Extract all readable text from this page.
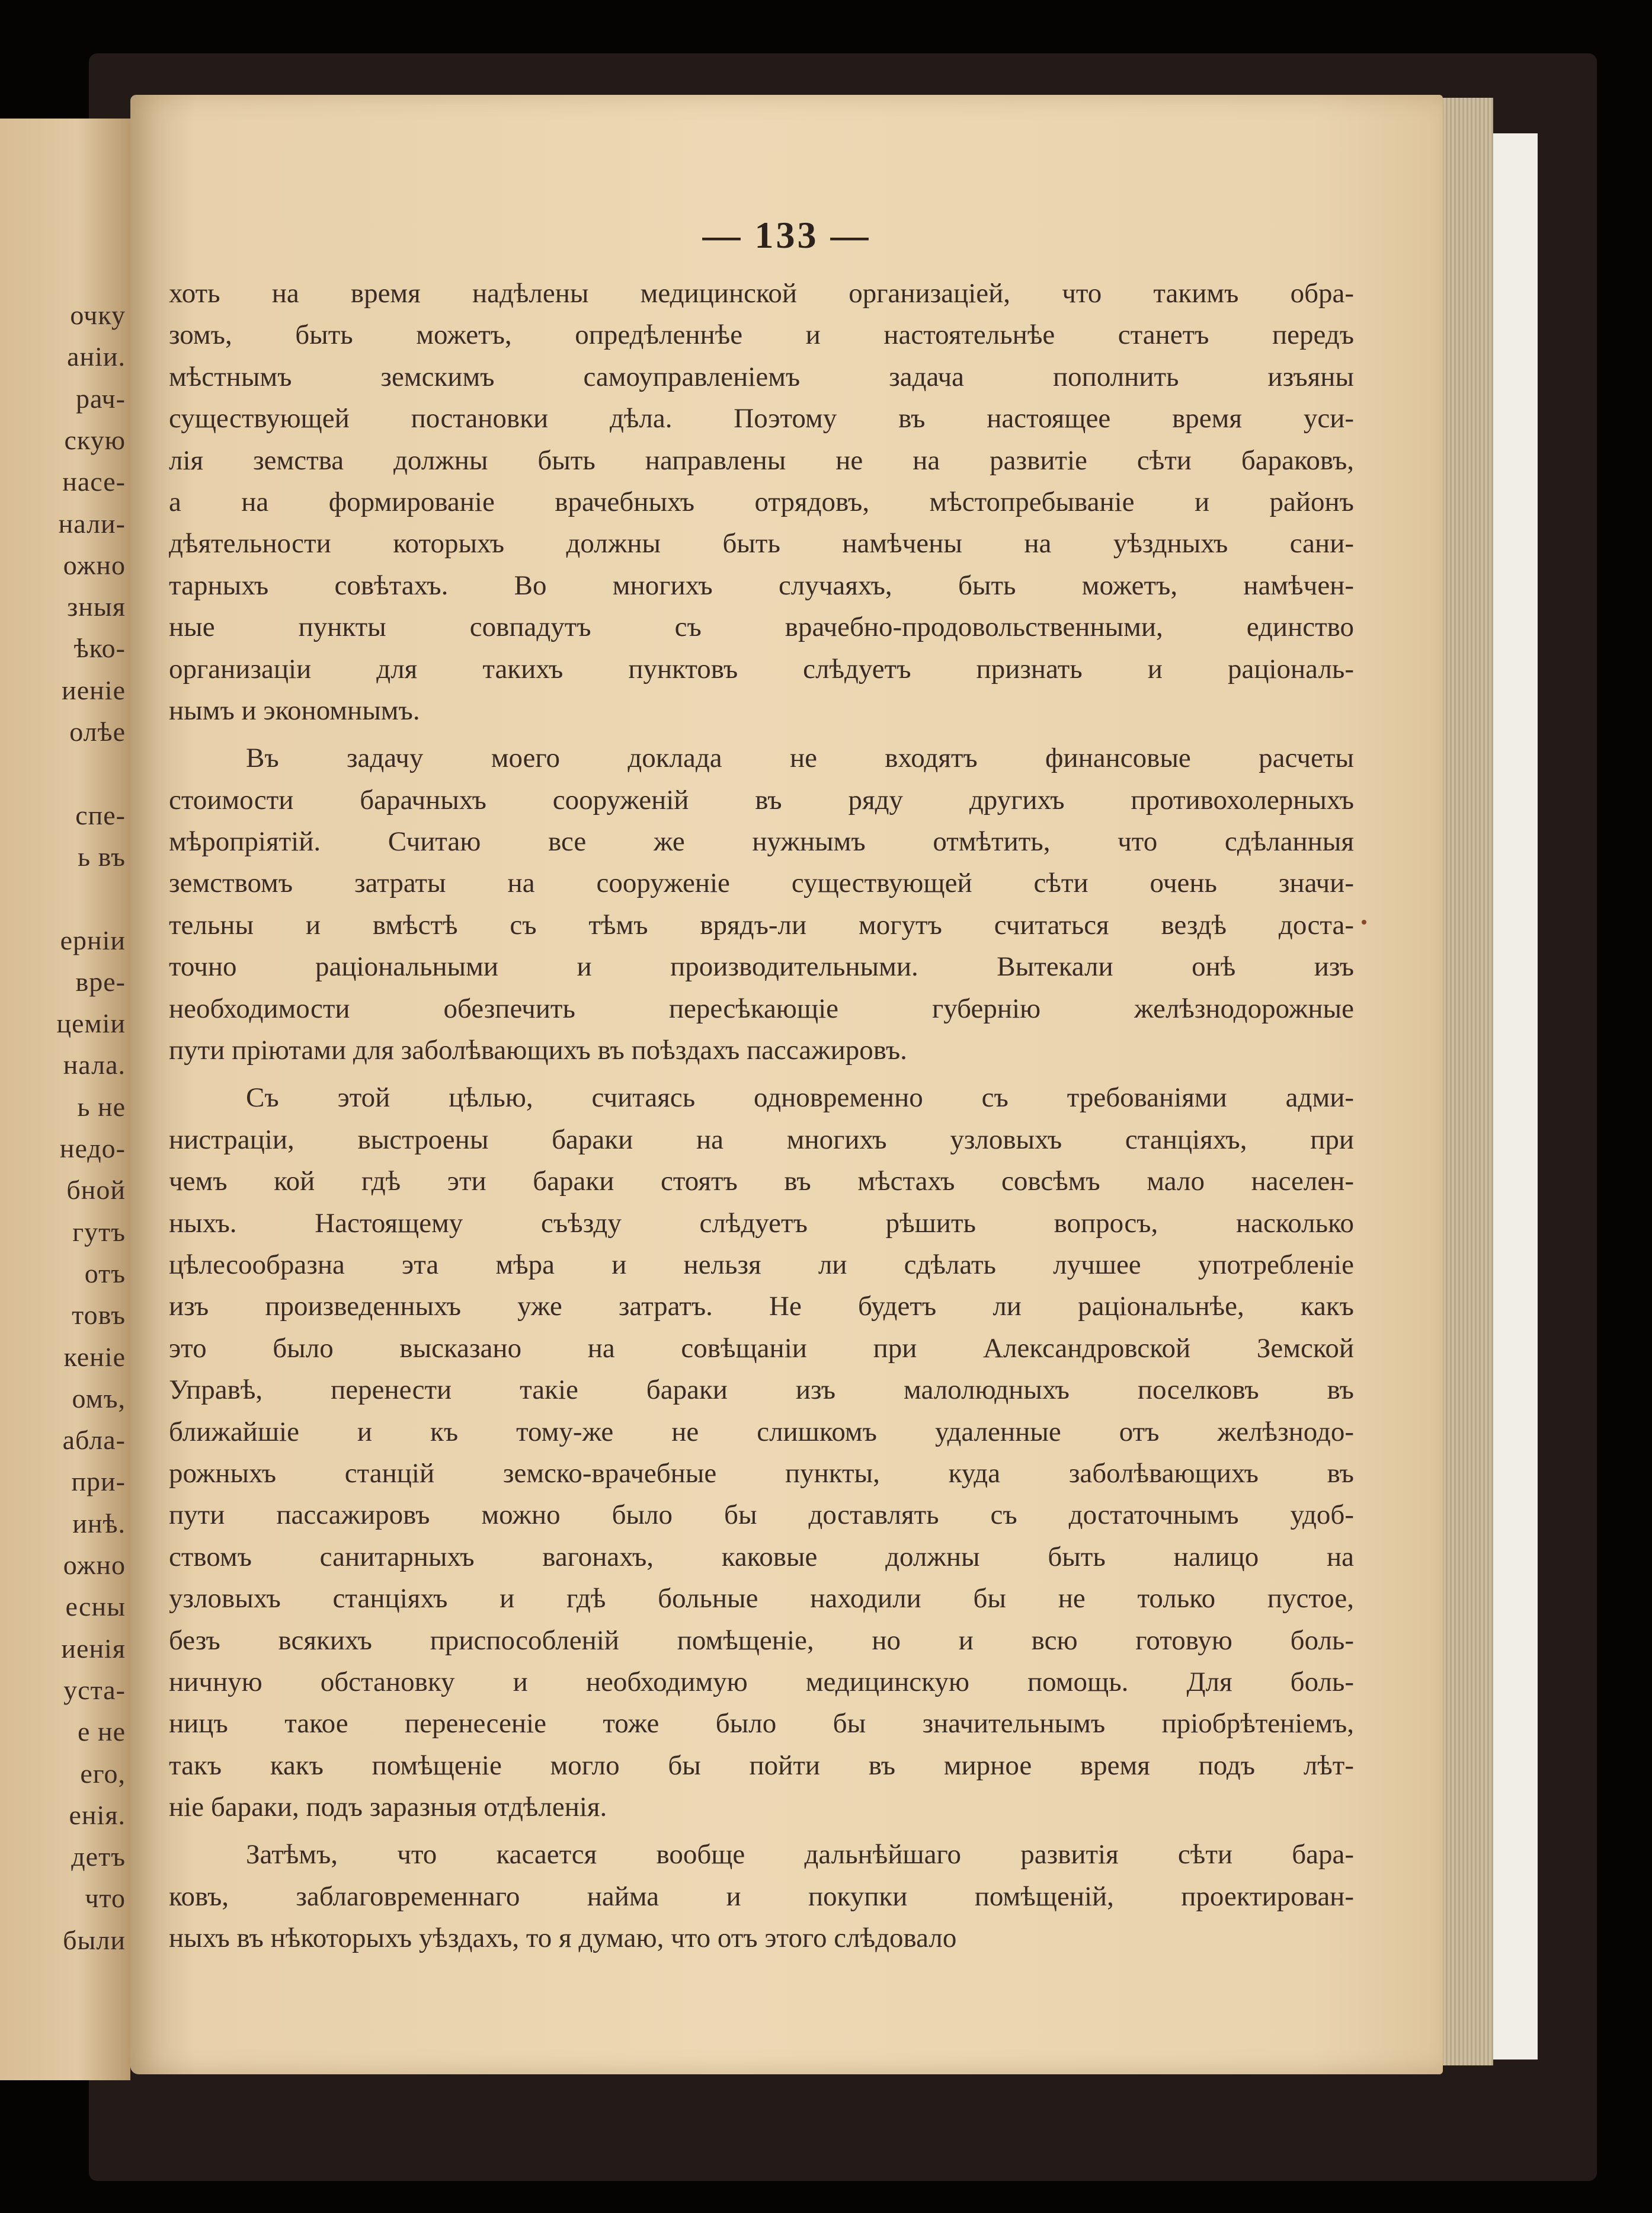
очку
аніи.
рач-
скую
насе-
нали-
ожно
зныя
ѣко-
иеніе
олѣе
спе-
ь въ
ерніи
вре-
цеміи
нала.
ь не
недо-
бной
гутъ
отъ
товъ
кеніе
омъ,
абла-
при-
инѣ.
ожно
есны
иенія
уста-
е не
его,
енія.
детъ
что
были
— 133 —
хоть на время надѣлены медицинской организаціей, что такимъ обра-
зомъ, быть можетъ, опредѣленнѣе и настоятельнѣе станетъ передъ
мѣстнымъ земскимъ самоуправленіемъ задача пополнить изъяны
существующей постановки дѣла. Поэтому въ настоящее время уси-
лія земства должны быть направлены не на развитіе сѣти бараковъ,
а на формированіе врачебныхъ отрядовъ, мѣстопребываніе и районъ
дѣятельности которыхъ должны быть намѣчены на уѣздныхъ сани-
тарныхъ совѣтахъ. Во многихъ случаяхъ, быть можетъ, намѣчен-
ные пункты совпадутъ съ врачебно-продовольственными, единство
организаціи для такихъ пунктовъ слѣдуетъ признать и раціональ-
нымъ и экономнымъ.
Въ задачу моего доклада не входятъ финансовые расчеты
стоимости барачныхъ сооруженій въ ряду другихъ противохолерныхъ
мѣропріятій. Считаю все же нужнымъ отмѣтить, что сдѣланныя
земствомъ затраты на сооруженіе существующей сѣти очень значи-
тельны и вмѣстѣ съ тѣмъ врядъ-ли могутъ считаться вездѣ доста-
точно раціональными и производительными. Вытекали онѣ изъ
необходимости обезпечить пересѣкающіе губернію желѣзнодорожные
пути пріютами для заболѣвающихъ въ поѣздахъ пассажировъ.
Съ этой цѣлью, считаясь одновременно съ требованіями адми-
нистраціи, выстроены бараки на многихъ узловыхъ станціяхъ, при
чемъ кой гдѣ эти бараки стоятъ въ мѣстахъ совсѣмъ мало населен-
ныхъ. Настоящему съѣзду слѣдуетъ рѣшить вопросъ, насколько
цѣлесообразна эта мѣра и нельзя ли сдѣлать лучшее употребленіе
изъ произведенныхъ уже затратъ. Не будетъ ли раціональнѣе, какъ
это было высказано на совѣщаніи при Александровской Земской
Управѣ, перенести такіе бараки изъ малолюдныхъ поселковъ въ
ближайшіе и къ тому-же не слишкомъ удаленные отъ желѣзнодо-
рожныхъ станцій земско-врачебные пункты, куда заболѣвающихъ въ
пути пассажировъ можно было бы доставлять съ достаточнымъ удоб-
ствомъ санитарныхъ вагонахъ, каковые должны быть налицо на
узловыхъ станціяхъ и гдѣ больные находили бы не только пустое,
безъ всякихъ приспособленій помѣщеніе, но и всю готовую боль-
ничную обстановку и необходимую медицинскую помощь. Для боль-
ницъ такое перенесеніе тоже было бы значительнымъ пріобрѣтеніемъ,
такъ какъ помѣщеніе могло бы пойти въ мирное время подъ лѣт-
ніе бараки, подъ заразныя отдѣленія.
Затѣмъ, что касается вообще дальнѣйшаго развитія сѣти бара-
ковъ, заблаговременнаго найма и покупки помѣщеній, проектирован-
ныхъ въ нѣкоторыхъ уѣздахъ, то я думаю, что отъ этого слѣдовало
